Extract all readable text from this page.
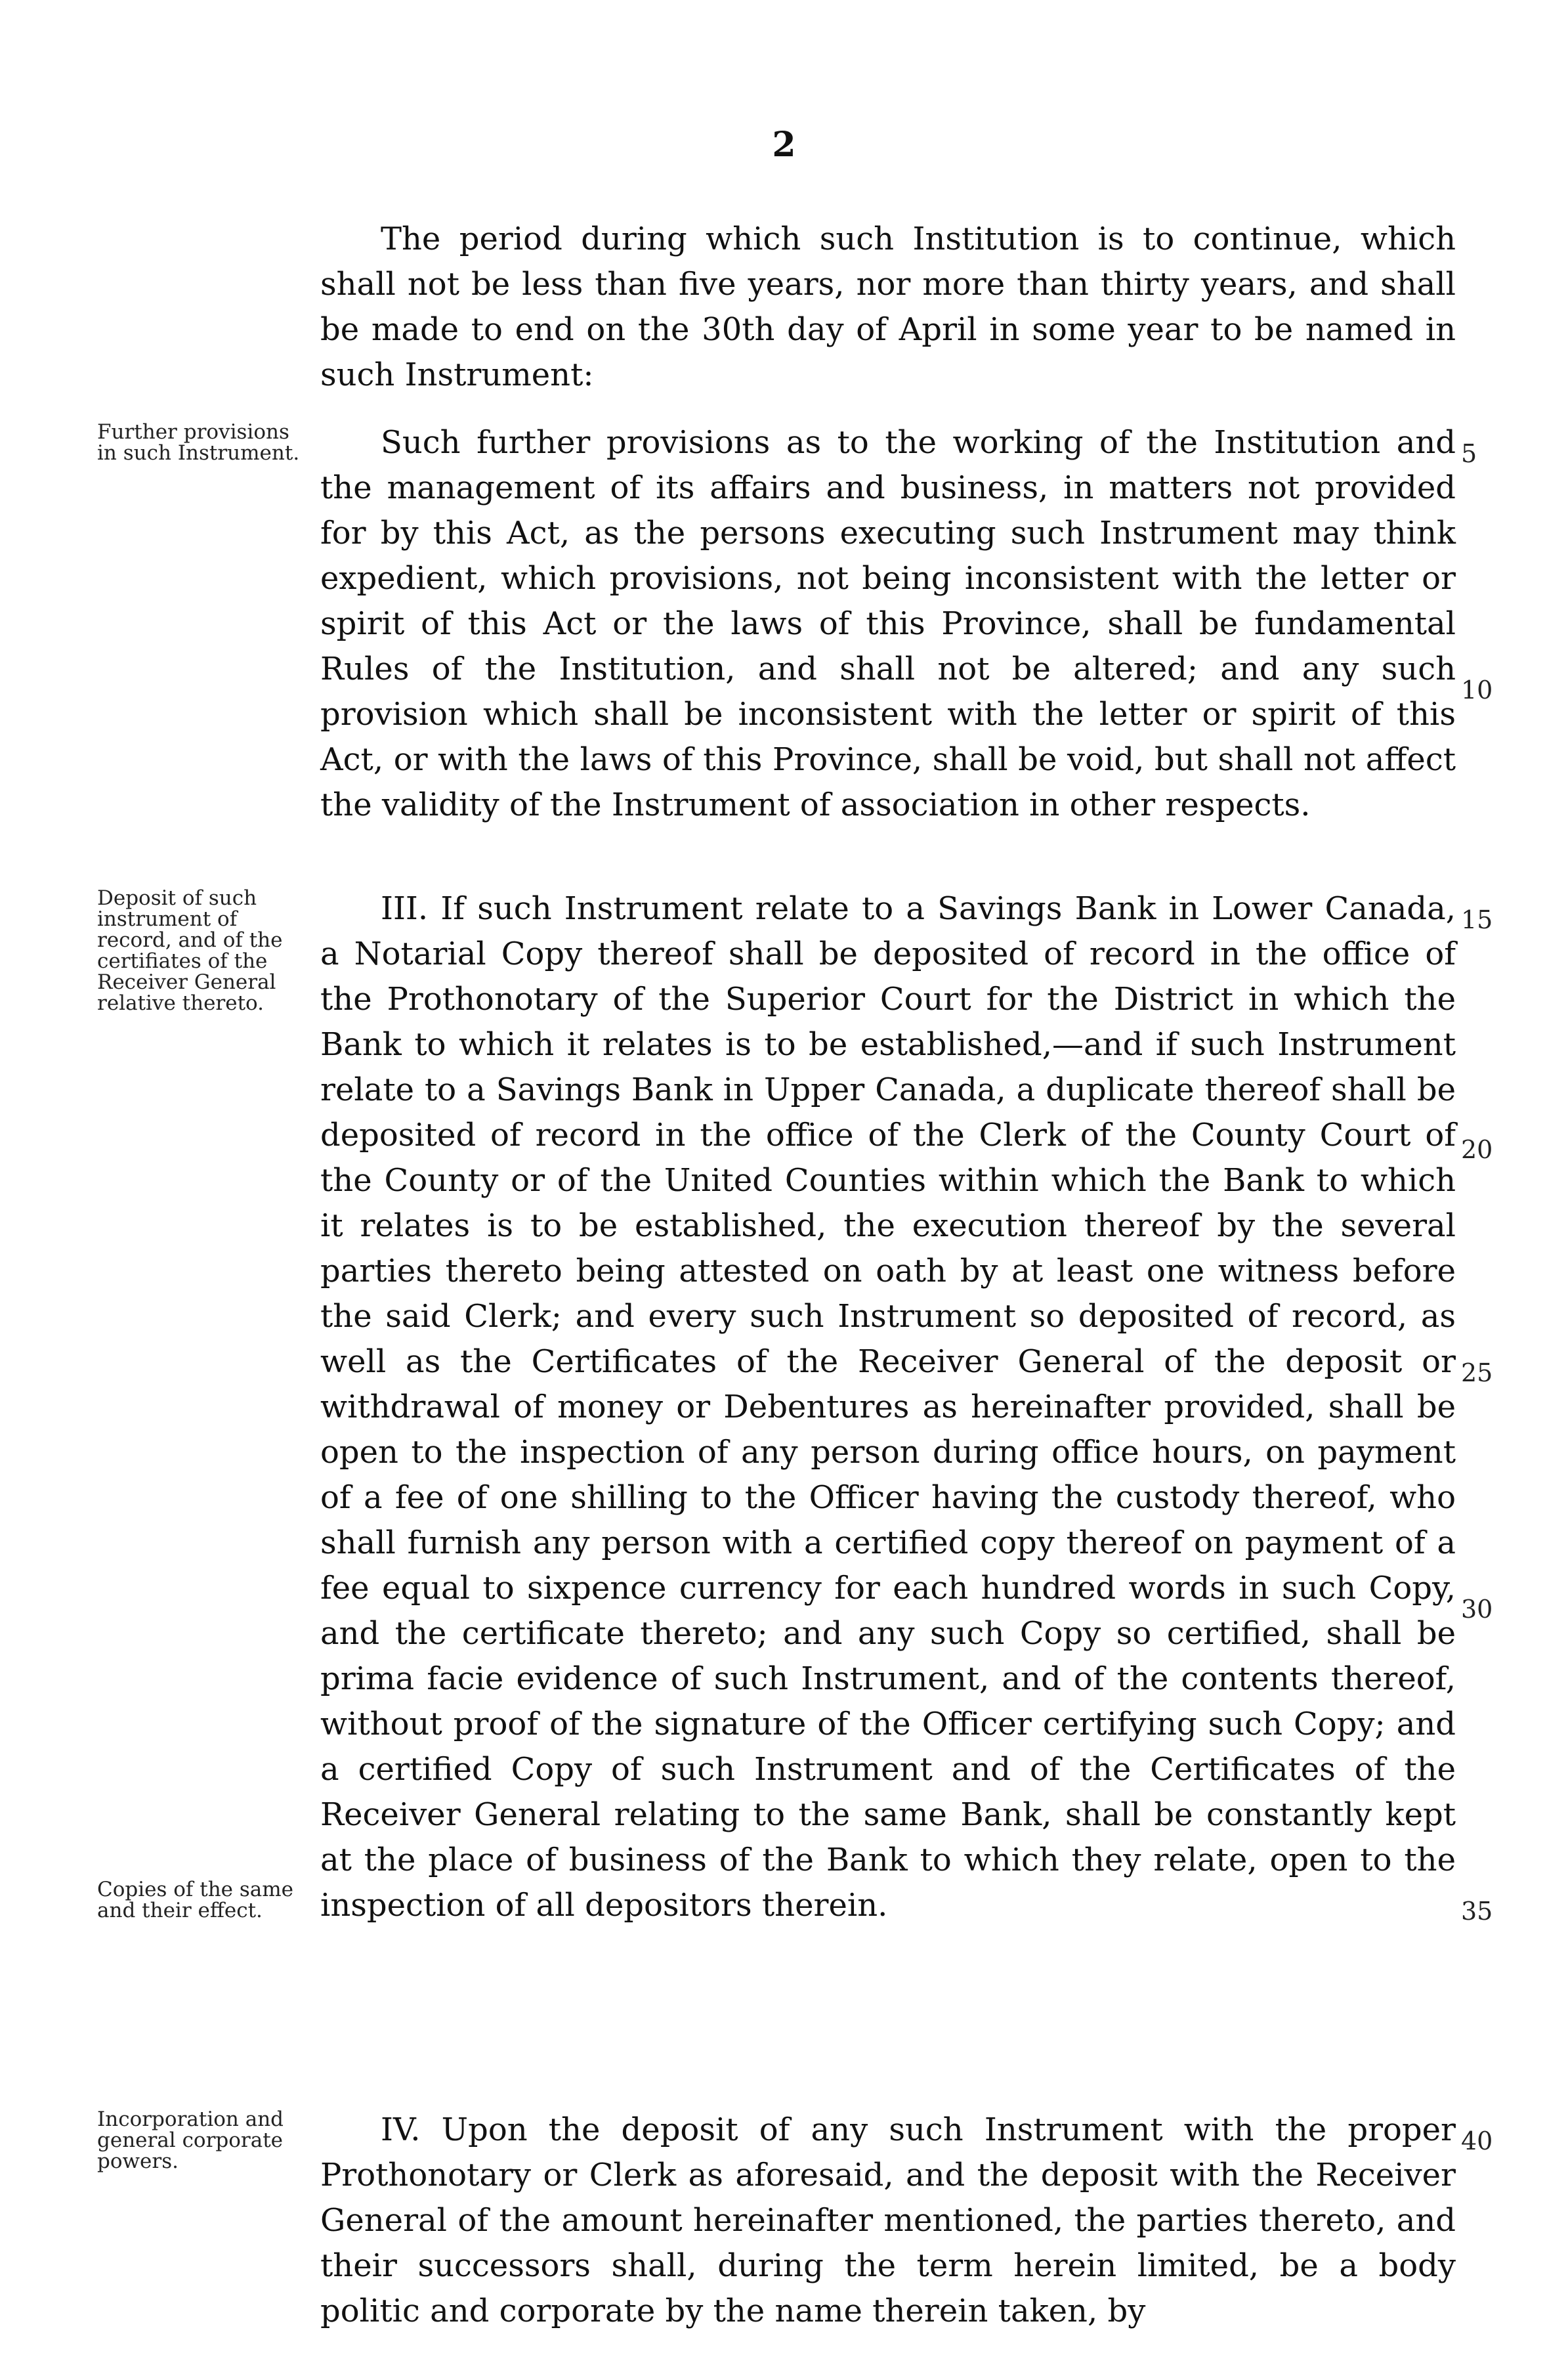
2

The period during which such Institution is to continue, which shall not be less than five years, nor more than thirty years, and shall be made to end on the 30th day of April in some year to be named in such Instrument:

Further provisions in such Instrument.	Such further provisions as to the working of the Institution and the management of its affairs and business, in matters not provided for by this Act, as the persons executing such Instrument may think expedient, which provisions, not being inconsistent with the letter or spirit of this Act or the laws of this Province, shall be fundamental Rules of the Institution, and shall not be altered; and any such provision which shall be inconsistent with the letter or spirit of this Act, or with the laws of this Province, shall be void, but shall not affect the validity of the Instrument of association in other respects.

Deposit of such instrument of record, and of the certifiates of the Receiver General relative thereto.

III. If such Instrument relate to a Savings Bank in Lower Canada, a Notarial Copy thereof shall be deposited of record in the office of the Prothonotary of the Superior Court for the District in which the Bank to which it relates is to be established,—and if such Instrument relate to a Savings Bank in Upper Canada, a duplicate thereof shall be deposited of record in the office of the Clerk of the County Court of the County or of the United Counties within which the Bank to which it relates is to be established, the execution thereof by the several parties thereto being attested on oath by at least one witness before the said Clerk; and every such Instrument so deposited of record, as well as the Certificates of the Receiver General of the deposit or withdrawal of money or Debentures as hereinafter provided, shall be open to the inspection of any person during office hours, on payment of a fee of one shilling to the Officer having the custody thereof, who shall furnish any person with a certified copy thereof on payment of a fee equal to sixpence currency for each hundred words in such Copy, and the certificate thereto; and any such Copy so certified, shall be prima facie evidence of such Instrument, and of the contents thereof, without proof of the signature of the Officer certifying such Copy; and a certified Copy of such Instrument and of the Certificates of the Receiver General relating to the same Bank, shall be constantly kept at the place of business of the Bank to which they relate, open to the inspection of all depositors therein.

Copies of the same and their effect.
Incorporation and general corporate powers.

IV. Upon the deposit of any such Instrument with the proper Prothonotary or Clerk as aforesaid, and the deposit with the Receiver General of the amount hereinafter mentioned, the parties thereto, and their successors shall, during the term herein limited, be a body politic and corporate by the name therein taken, by

5
10
15
20
25
30
35
40
